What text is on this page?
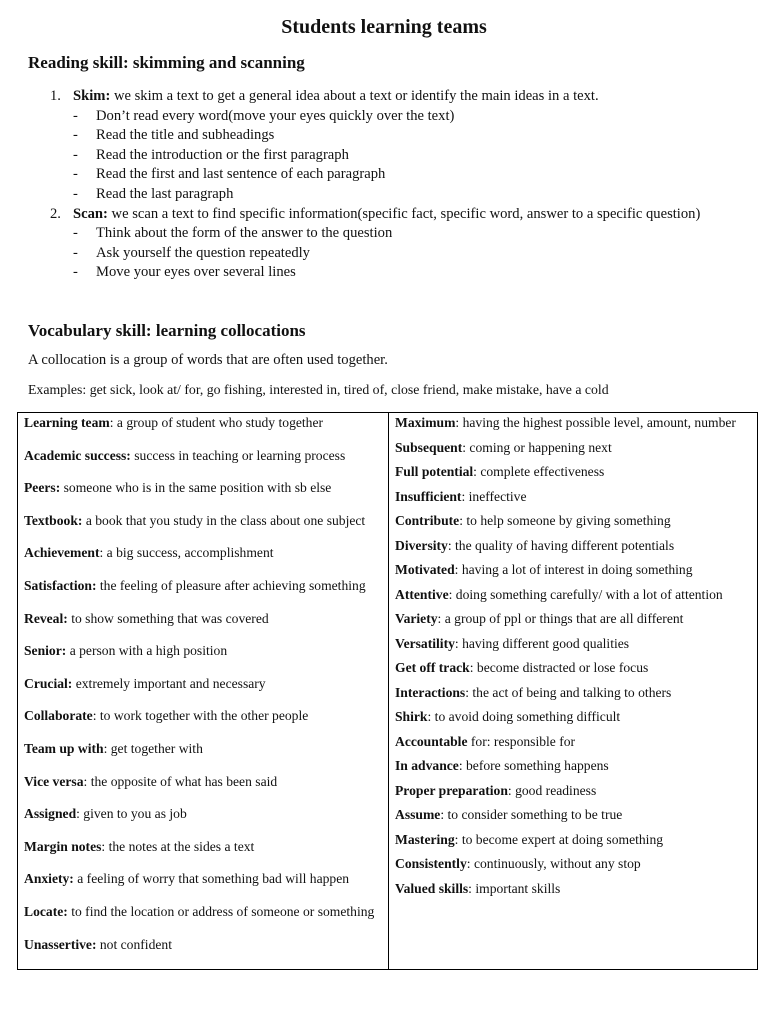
Students learning teams
Reading skill: skimming and scanning
1. Skim: we skim a text to get a general idea about a text or identify the main ideas in a text.
-	Don’t read every word(move your eyes quickly over the text)
-	Read the title and subheadings
-	Read the introduction or the first paragraph
-	Read the first and last sentence of each paragraph
-	Read the last paragraph
2. Scan: we scan a text to find specific information(specific fact, specific word, answer to a specific question)
-	Think about the form of the answer to the question
-	Ask yourself the question repeatedly
-	Move your eyes over several lines
Vocabulary skill: learning collocations

A collocation is a group of words that are often used together.

Examples: get sick, look at/ for, go fishing, interested in, tired of, close friend, make mistake, have a cold

Learning team: a group of student who study together
Academic success: success in teaching or learning process
Peers: someone who is in the same position with sb else
Textbook: a book that you study in the class about one subject
Achievement: a big success, accomplishment
Satisfaction: the feeling of pleasure after achieving something
Reveal: to show something that was covered
Senior: a person with a high position
Crucial: extremely important and necessary
Collaborate: to work together with the other people
Team up with: get together with
Vice versa: the opposite of what has been said
Assigned: given to you as job
Margin notes: the notes at the sides a text
Anxiety: a feeling of worry that something bad will happen
Locate: to find the location or address of someone or something
Unassertive: not confident
Maximum: having the highest possible level, amount, number
Subsequent: coming or happening next
Full potential: complete effectiveness
Insufficient: ineffective
Contribute: to help someone by giving something
Diversity: the quality of having different potentials
Motivated: having a lot of interest in doing something
Attentive: doing something carefully/ with a lot of attention
Variety: a group of ppl or things that are all different
Versatility: having different good qualities
Get off track: become distracted or lose focus
Interactions: the act of being and talking to others
Shirk: to avoid doing something difficult
Accountable for: responsible for
In advance: before something happens
Proper preparation: good readiness
Assume: to consider something to be true
Mastering: to become expert at doing something
Consistently: continuously, without any stop
Valued skills: important skills
